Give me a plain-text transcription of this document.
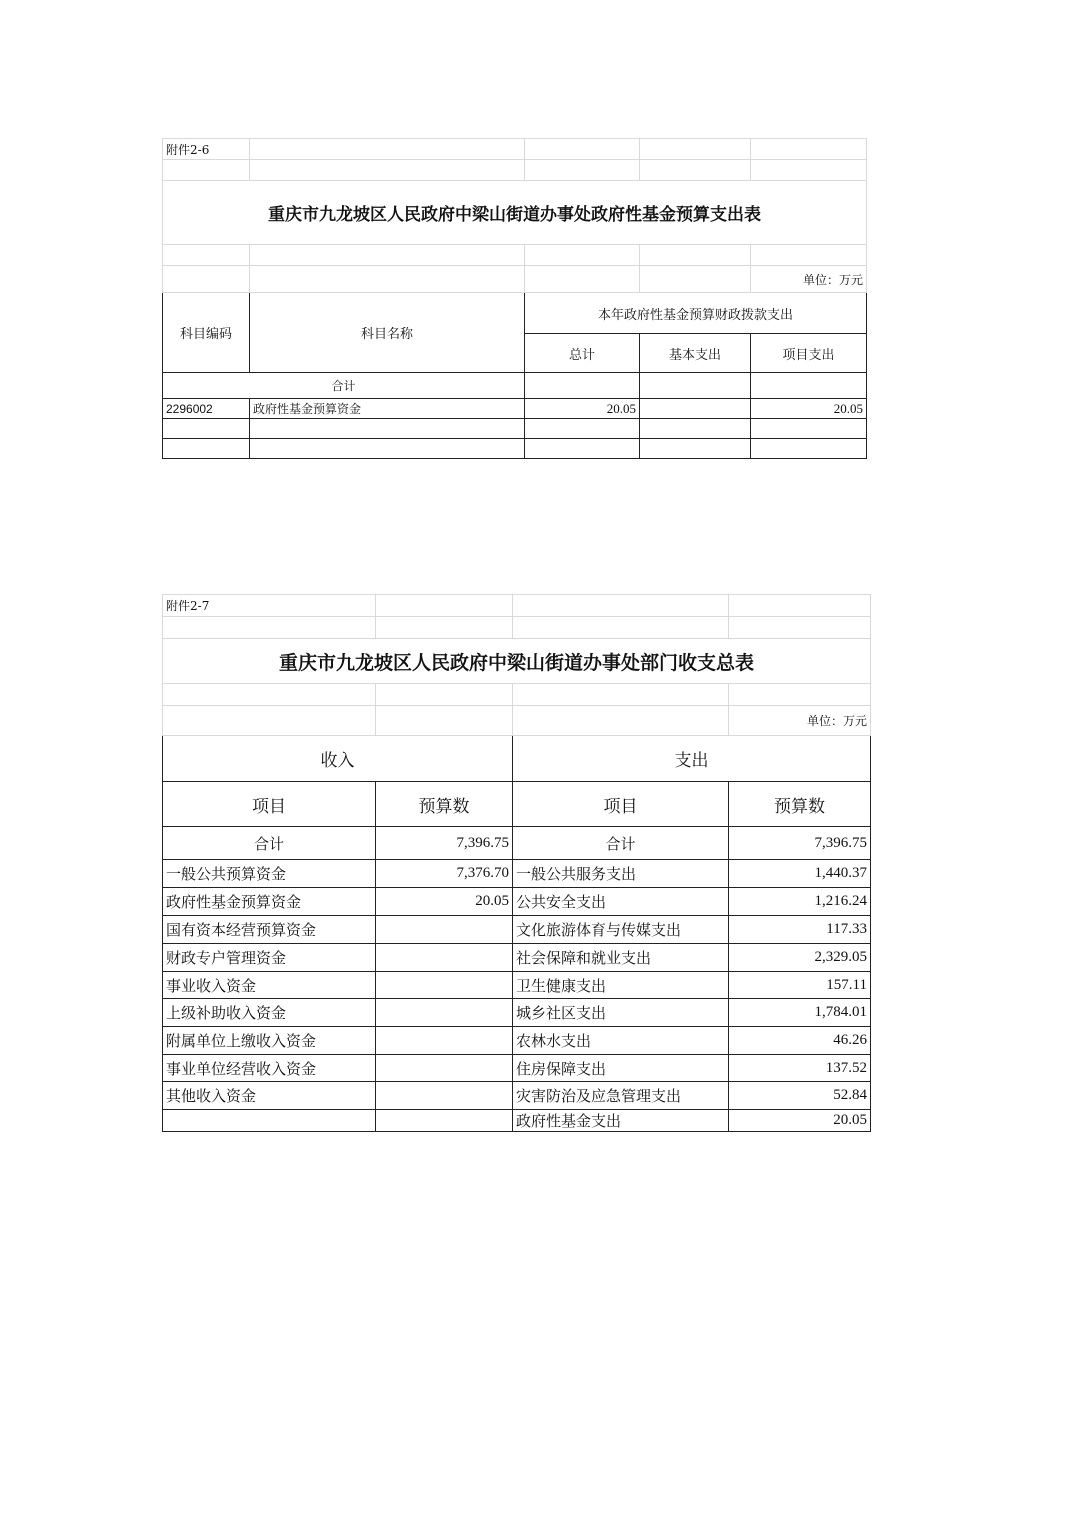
附件2-6				

重庆市九龙坡区人民政府中梁山街道办事处政府性基金预算支出表				

				单位：万元
科目编码	科目名称	本年政府性基金预算财政拨款支出		
		总计	基本支出	项目支出
合计				
2296002	政府性基金预算资金	20.05		20.05

附件2-7			

重庆市九龙坡区人民政府中梁山街道办事处部门收支总表			

			单位：万元
收入		支出	
项目	预算数	项目	预算数
合计	7,396.75	合计	7,396.75
一般公共预算资金	7,376.70	一般公共服务支出	1,440.37
政府性基金预算资金	20.05	公共安全支出	1,216.24
国有资本经营预算资金		文化旅游体育与传媒支出	117.33
财政专户管理资金		社会保障和就业支出	2,329.05
事业收入资金		卫生健康支出	157.11
上级补助收入资金		城乡社区支出	1,784.01
附属单位上缴收入资金		农林水支出	46.26
事业单位经营收入资金		住房保障支出	137.52
其他收入资金		灾害防治及应急管理支出	52.84
		政府性基金支出	20.05
